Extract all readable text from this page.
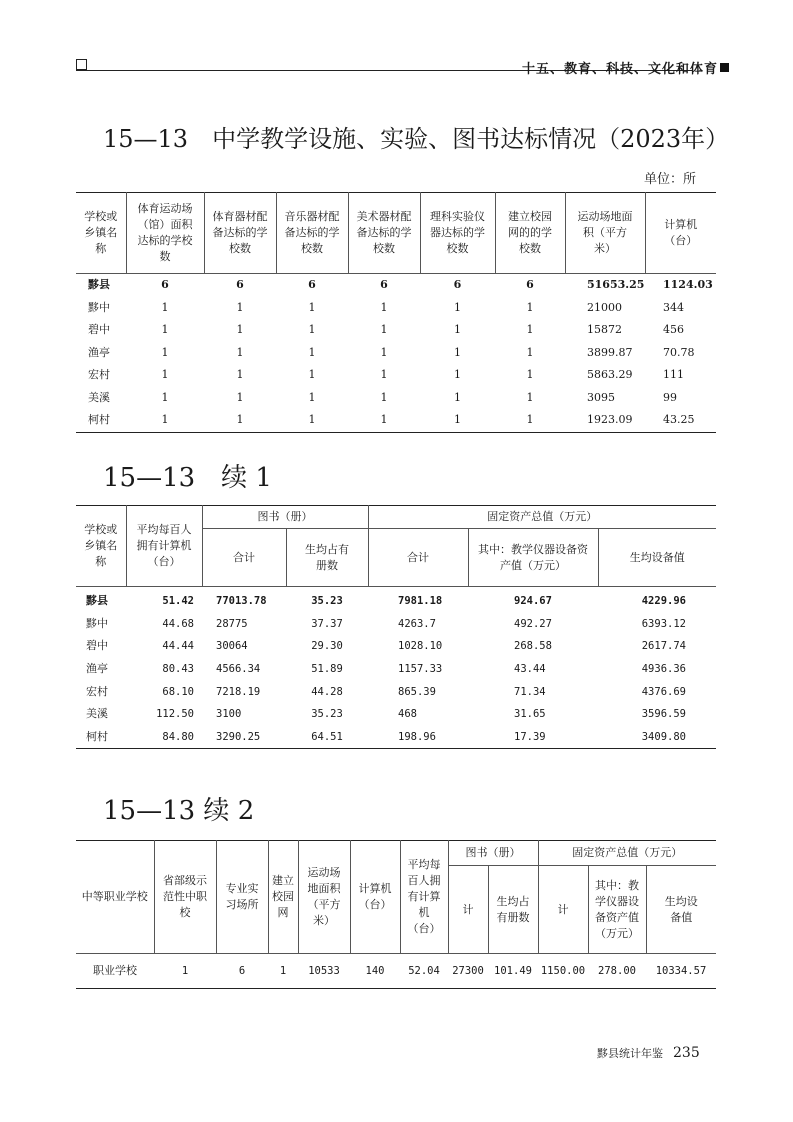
十五、教育、科技、文化和体育
15—13　中学教学设施、实验、图书达标情况（2023年）
单位：所
学校或乡镇名称	体育运动场（馆）面积达标的学校数	体育器材配备达标的学校数	音乐器材配备达标的学校数	美术器材配备达标的学校数	理科实验仪器达标的学校数	建立校园网的的学校数	运动场地面积（平方米）	计算机（台）
黟县	6	6	6	6	6	6	51653.25	1124.03
黟中	1	1	1	1	1	1	21000	344
碧中	1	1	1	1	1	1	15872	456
渔亭	1	1	1	1	1	1	3899.87	70.78
宏村	1	1	1	1	1	1	5863.29	111
美溪	1	1	1	1	1	1	3095	99
柯村	1	1	1	1	1	1	1923.09	43.25
15—13　续 1
学校或乡镇名称	平均每百人拥有计算机（台）	图书（册）		固定资产总值（万元）		
		合计	生均占有册数	合计	其中：教学仪器设备资产值（万元）	生均设备值
黟县	51.42	77013.78	35.23	7981.18	924.67	4229.96
黟中	44.68	28775	37.37	4263.7	492.27	6393.12
碧中	44.44	30064	29.30	1028.10	268.58	2617.74
渔亭	80.43	4566.34	51.89	1157.33	43.44	4936.36
宏村	68.10	7218.19	44.28	865.39	71.34	4376.69
美溪	112.50	3100	35.23	468	31.65	3596.59
柯村	84.80	3290.25	64.51	198.96	17.39	3409.80
15—13 续 2
中等职业学校	省部级示范性中职校	专业实习场所	建立校园网	运动场地面积（平方米）	计算机（台）	平均每百人拥有计算机（台）	图书（册）		固定资产总值（万元）		
							计	生均占有册数	计	其中：教学仪器设备资产值（万元）	生均设备值
职业学校	1	6	1	10533	140	52.04	27300	101.49	1150.00	278.00	10334.57
黟县统计年鉴 235
